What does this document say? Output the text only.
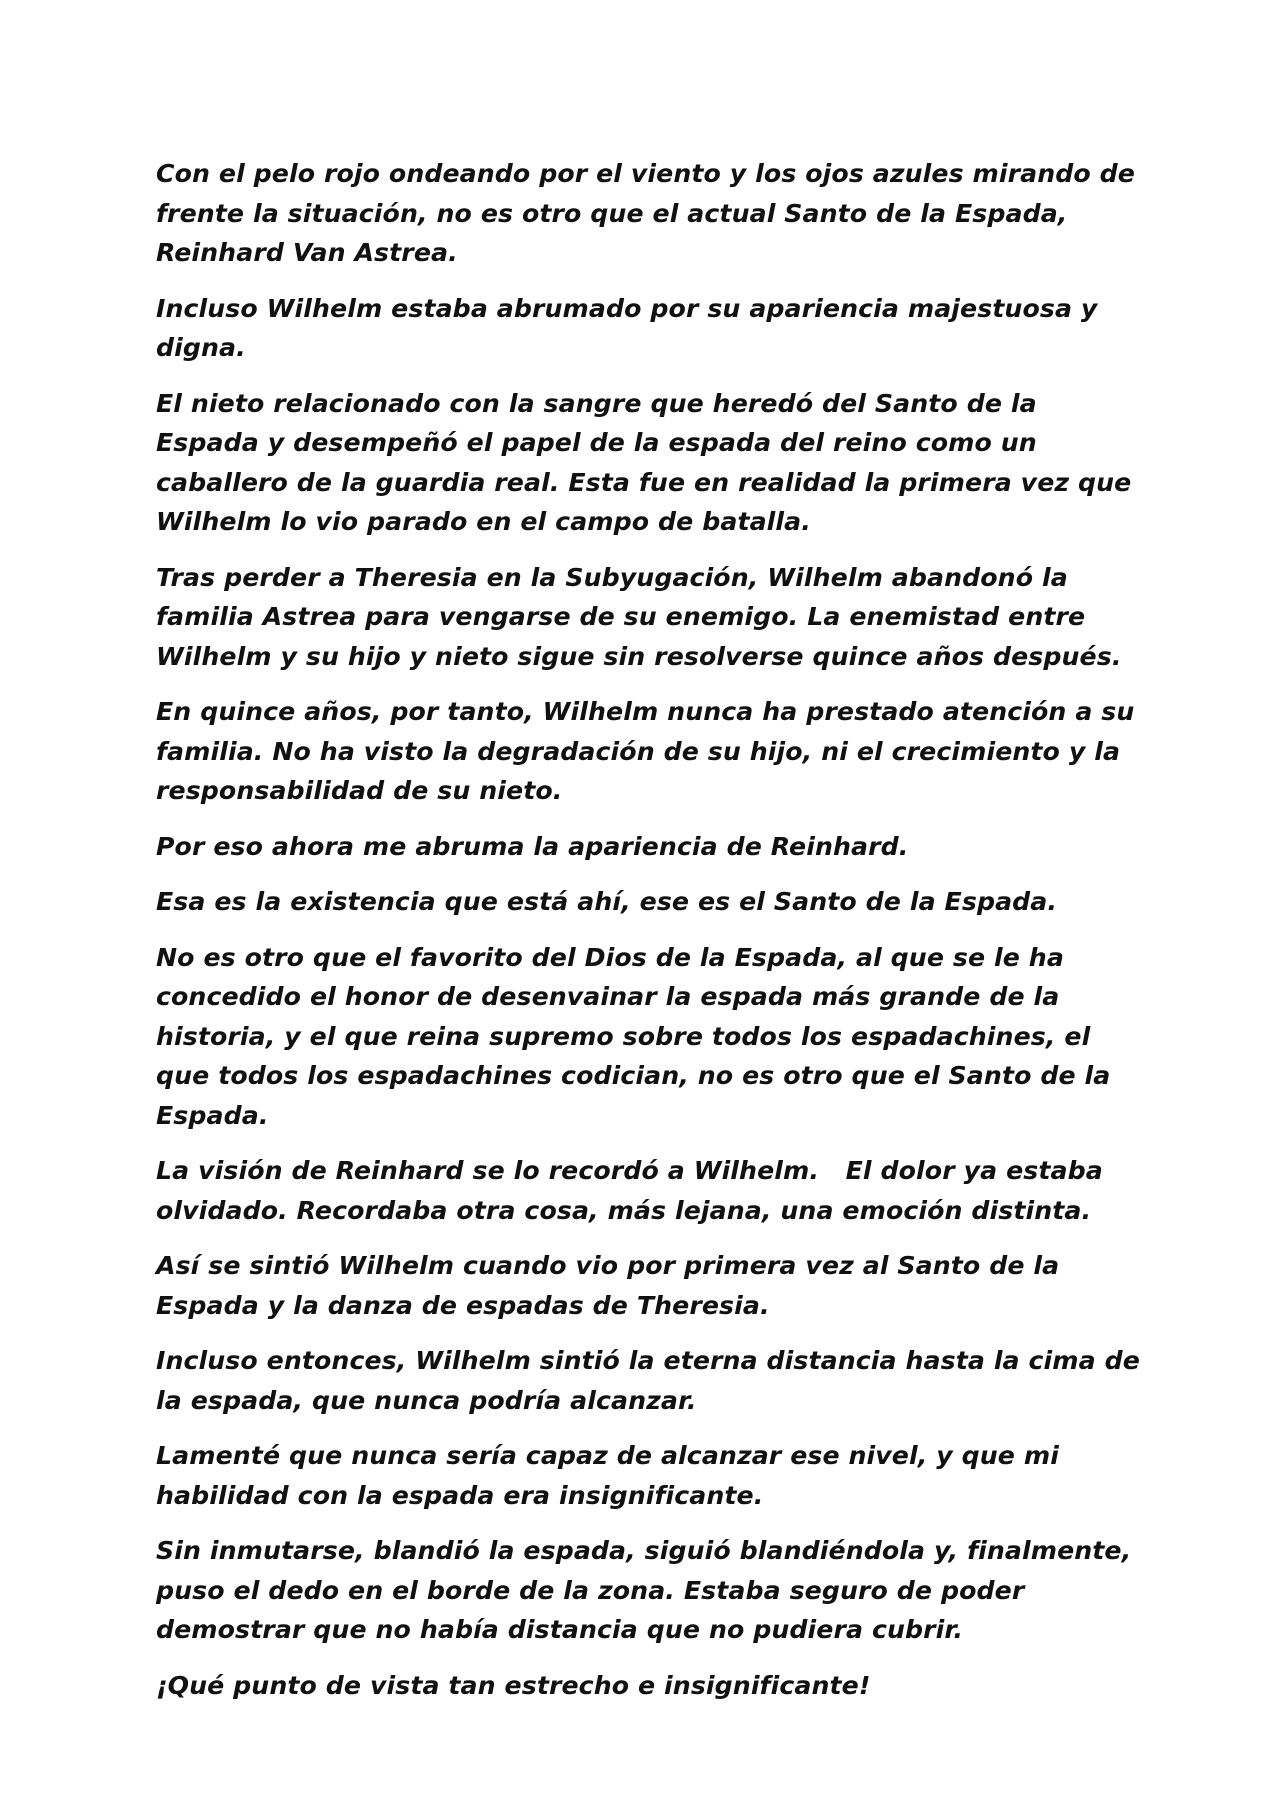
Con el pelo rojo ondeando por el viento y los ojos azules mirando de frente la situación, no es otro que el actual Santo de la Espada, Reinhard Van Astrea.

Incluso Wilhelm estaba abrumado por su apariencia majestuosa y digna.

El nieto relacionado con la sangre que heredó del Santo de la Espada y desempeñó el papel de la espada del reino como un caballero de la guardia real. Esta fue en realidad la primera vez que Wilhelm lo vio parado en el campo de batalla.

Tras perder a Theresia en la Subyugación, Wilhelm abandonó la familia Astrea para vengarse de su enemigo. La enemistad entre Wilhelm y su hijo y nieto sigue sin resolverse quince años después.

En quince años, por tanto, Wilhelm nunca ha prestado atención a su familia. No ha visto la degradación de su hijo, ni el crecimiento y la responsabilidad de su nieto.

Por eso ahora me abruma la apariencia de Reinhard.

Esa es la existencia que está ahí, ese es el Santo de la Espada.

No es otro que el favorito del Dios de la Espada, al que se le ha concedido el honor de desenvainar la espada más grande de la historia, y el que reina supremo sobre todos los espadachines, el que todos los espadachines codician, no es otro que el Santo de la Espada.

La visión de Reinhard se lo recordó a Wilhelm.   El dolor ya estaba olvidado. Recordaba otra cosa, más lejana, una emoción distinta.

Así se sintió Wilhelm cuando vio por primera vez al Santo de la Espada y la danza de espadas de Theresia.

Incluso entonces, Wilhelm sintió la eterna distancia hasta la cima de la espada, que nunca podría alcanzar.

Lamenté que nunca sería capaz de alcanzar ese nivel, y que mi habilidad con la espada era insignificante.

Sin inmutarse, blandió la espada, siguió blandiéndola y, finalmente, puso el dedo en el borde de la zona. Estaba seguro de poder demostrar que no había distancia que no pudiera cubrir.

¡Qué punto de vista tan estrecho e insignificante!
